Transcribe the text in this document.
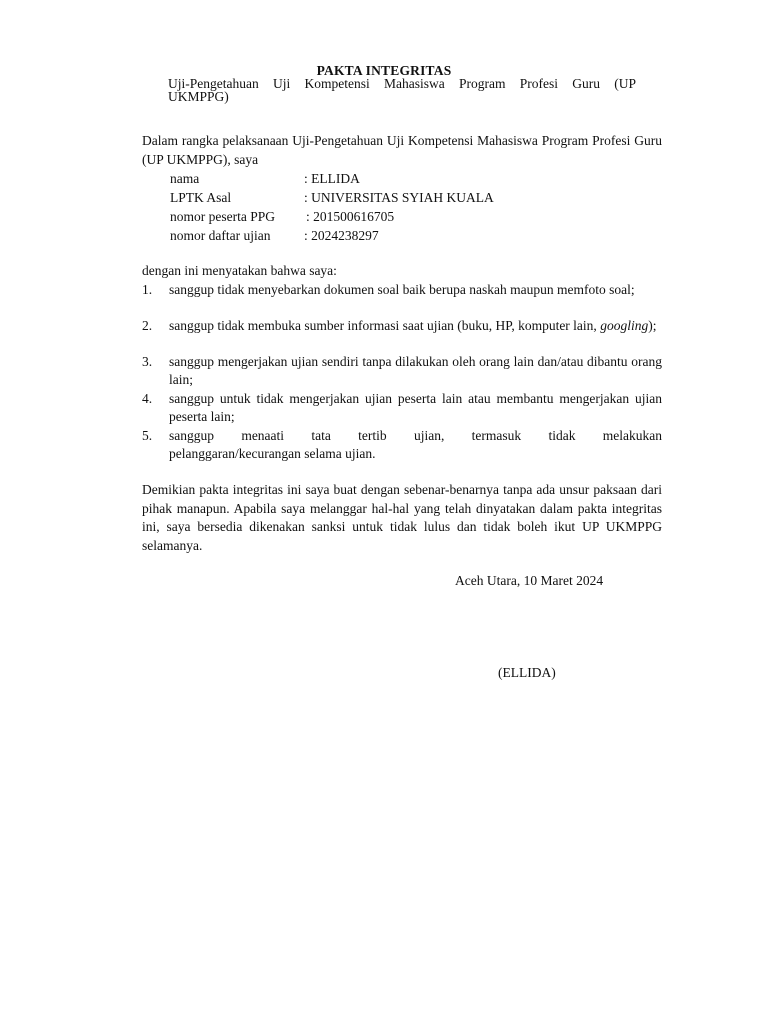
PAKTA INTEGRITAS
Uji-Pengetahuan Uji Kompetensi Mahasiswa Program Profesi Guru (UP
UKMPPG)
Dalam rangka pelaksanaan Uji-Pengetahuan Uji Kompetensi Mahasiswa Program Profesi Guru (UP UKMPPG), saya
nama	: ELLIDA
LPTK Asal	: UNIVERSITAS SYIAH KUALA
nomor peserta PPG : 201500616705
nomor daftar ujian : 2024238297
dengan ini menyatakan bahwa saya:
1. sanggup tidak menyebarkan dokumen soal baik berupa naskah maupun memfoto soal;
2. sanggup tidak membuka sumber informasi saat ujian (buku, HP, komputer lain, googling);
3. sanggup mengerjakan ujian sendiri tanpa dilakukan oleh orang lain dan/atau dibantu orang lain;
4. sanggup untuk tidak mengerjakan ujian peserta lain atau membantu mengerjakan ujian peserta lain;
5. sanggup menaati tata tertib ujian, termasuk tidak melakukan
pelanggaran/kecurangan selama ujian.
Demikian pakta integritas ini saya buat dengan sebenar-benarnya tanpa ada unsur paksaan dari pihak manapun. Apabila saya melanggar hal-hal yang telah dinyatakan dalam pakta integritas ini, saya bersedia dikenakan sanksi untuk tidak lulus dan tidak boleh ikut UP UKMPPG selamanya.
Aceh Utara, 10 Maret 2024
(ELLIDA)
